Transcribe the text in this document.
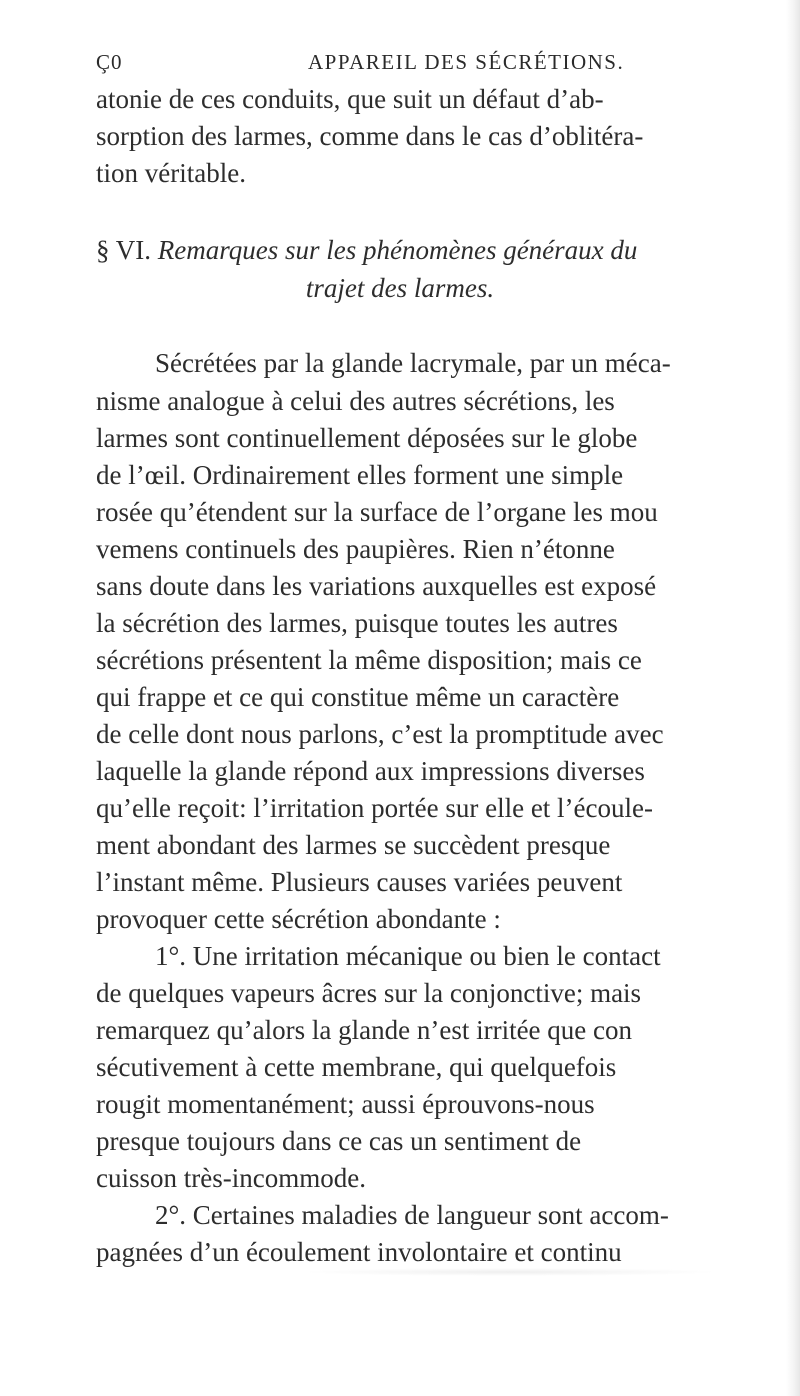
Ç0	APPAREIL DES SÉCRÉTIONS.
atonie de ces conduits, que suit un défaut d’ab-
sorption des larmes, comme dans le cas d’oblitéra-
tion véritable.
§ VI. Remarques sur les phénomènes généraux du
trajet des larmes.
Sécrétées par la glande lacrymale, par un méca-
nisme analogue à celui des autres sécrétions, les
larmes sont continuellement déposées sur le globe
de l’œil. Ordinairement elles forment une simple
rosée qu’étendent sur la surface de l’organe les mou
vemens continuels des paupières. Rien n’étonne
sans doute dans les variations auxquelles est exposé
la sécrétion des larmes, puisque toutes les autres
sécrétions présentent la même disposition; mais ce
qui frappe et ce qui constitue même un caractère
de celle dont nous parlons, c’est la promptitude avec
laquelle la glande répond aux impressions diverses
qu’elle reçoit: l’irritation portée sur elle et l’écoule-
ment abondant des larmes se succèdent presque
l’instant même. Plusieurs causes variées peuvent
provoquer cette sécrétion abondante :
1°. Une irritation mécanique ou bien le contact
de quelques vapeurs âcres sur la conjonctive; mais
remarquez qu’alors la glande n’est irritée que con
sécutivement à cette membrane, qui quelquefois
rougit momentanément; aussi éprouvons-nous
presque toujours dans ce cas un sentiment de
cuisson très-incommode.
2°. Certaines maladies de langueur sont accom-
pagnées d’un écoulement involontaire et continu
